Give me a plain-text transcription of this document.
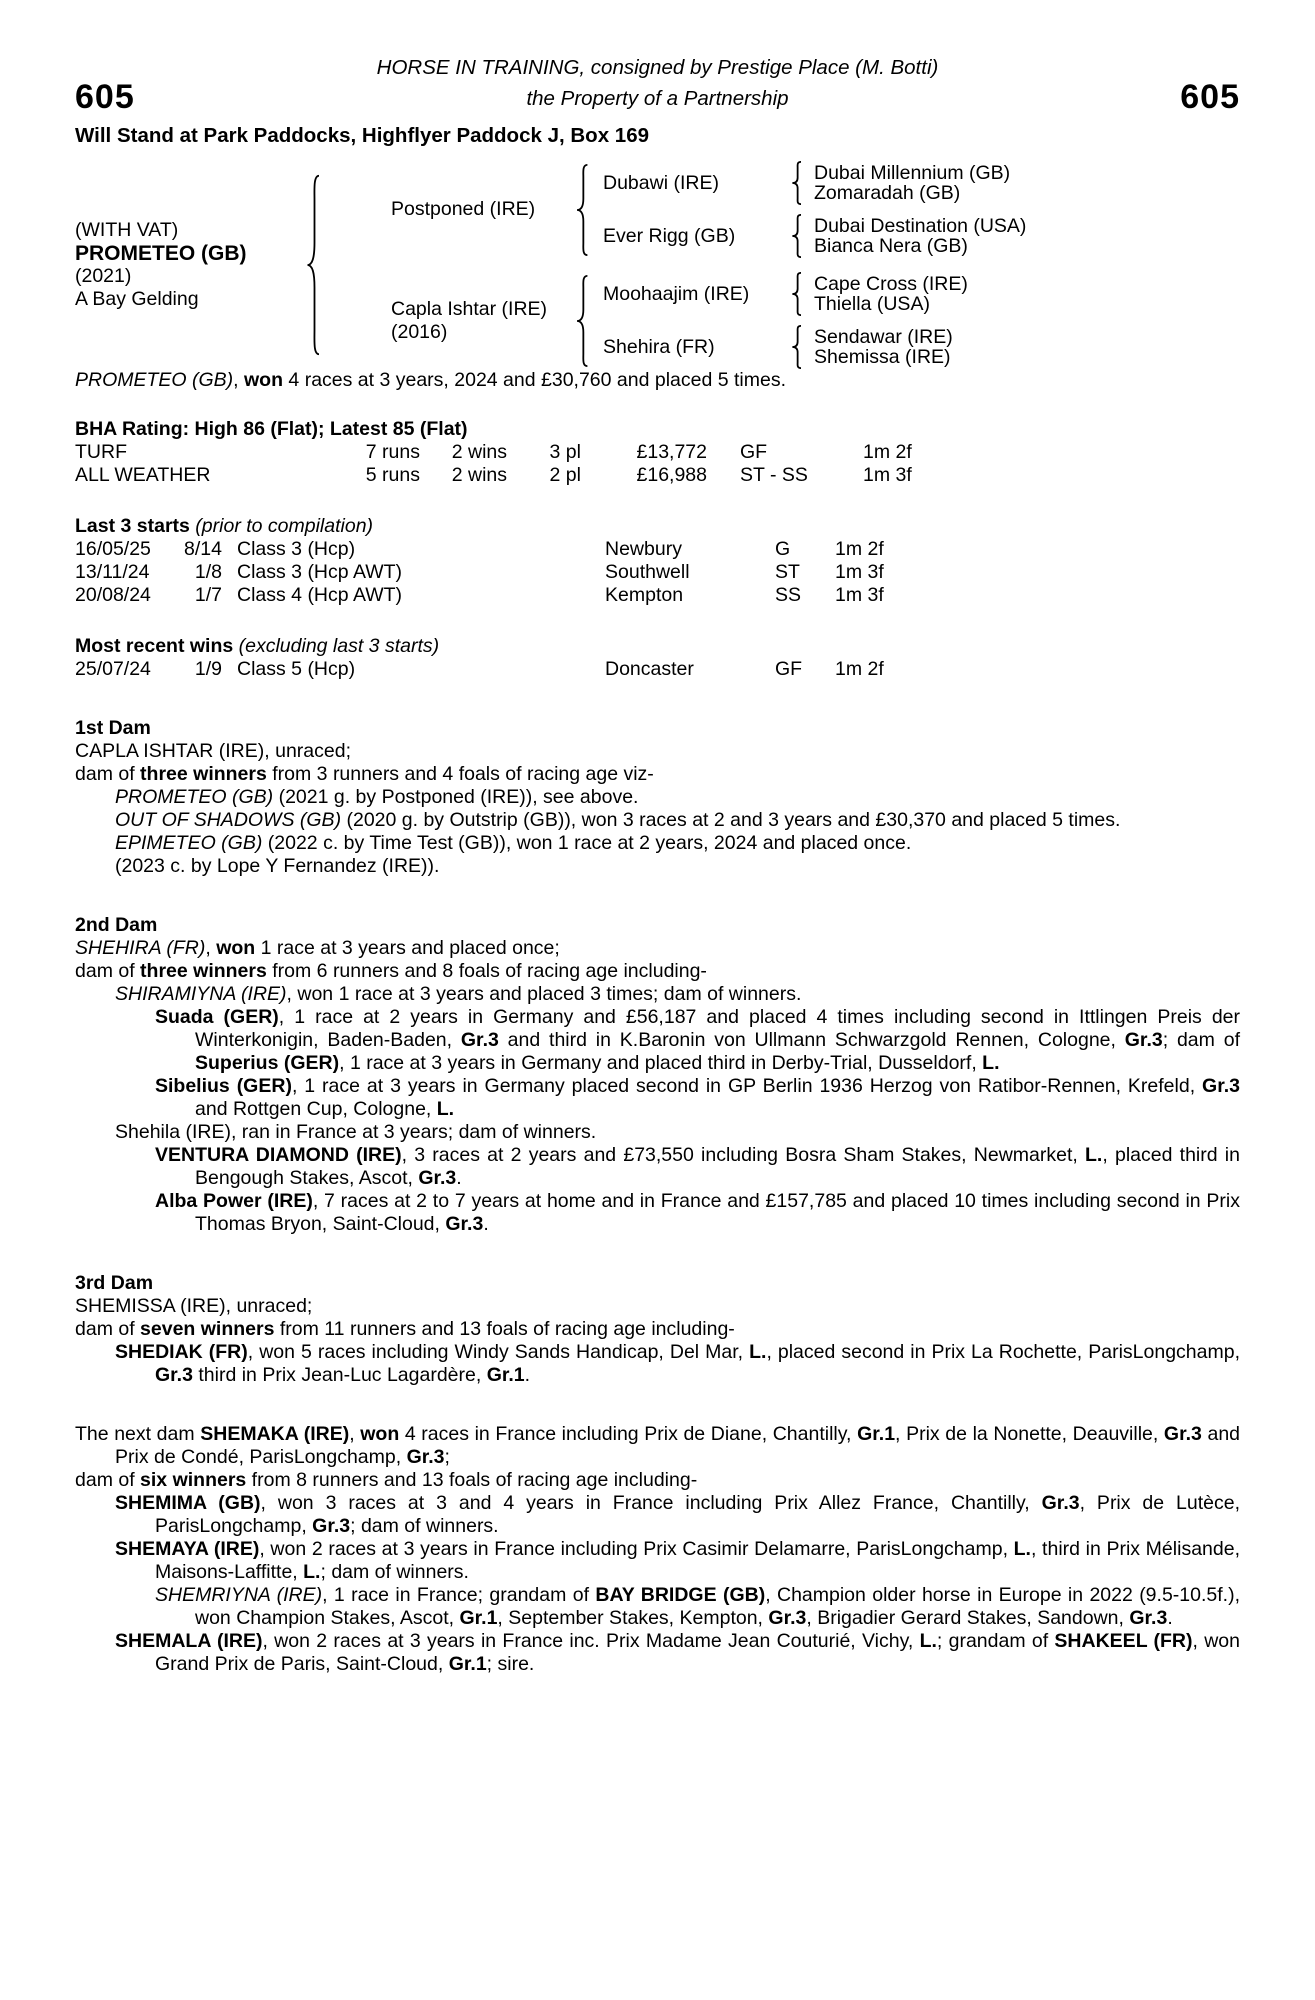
605
HORSE IN TRAINING, consigned by Prestige Place (M. Botti)
the Property of a Partnership	605
Will Stand at Park Paddocks, Highflyer Paddock J, Box 169
(WITH VAT)
PROMETEO (GB)
(2021)
A Bay Gelding
Postponed (IRE)
Dubawi (IRE)	Dubai Millennium (GB)
Zomaradah (GB)
Ever Rigg (GB)	Dubai Destination (USA)
Bianca Nera (GB)
Capla Ishtar (IRE)
(2016)
Moohaajim (IRE)	Cape Cross (IRE)
Thiella (USA)
Shehira (FR)	Sendawar (IRE)
Shemissa (IRE)
PROMETEO (GB), won 4 races at 3 years, 2024 and £30,760 and placed 5 times.
BHA Rating: High 86 (Flat); Latest 85 (Flat)
TURF	7 runs 2 wins 3 pl	£13,772 GF	1m 2f
ALL WEATHER	5 runs 2 wins 2 pl	£16,988 ST - SS	1m 3f
Last 3 starts (prior to compilation)
16/05/25 8/14 Class 3 (Hcp)	Newbury	G 1m 2f
13/11/24 1/8 Class 3 (Hcp AWT)	Southwell	ST 1m 3f
20/08/24 1/7 Class 4 (Hcp AWT)	Kempton	SS 1m 3f
Most recent wins (excluding last 3 starts)
25/07/24 1/9 Class 5 (Hcp)	Doncaster	GF 1m 2f
1st Dam
CAPLA ISHTAR (IRE), unraced;
dam of three winners from 3 runners and 4 foals of racing age viz-
PROMETEO (GB) (2021 g. by Postponed (IRE)), see above.
OUT OF SHADOWS (GB) (2020 g. by Outstrip (GB)), won 3 races at 2 and 3 years and £30,370 and placed 5 times.
EPIMETEO (GB) (2022 c. by Time Test (GB)), won 1 race at 2 years, 2024 and placed once.
(2023 c. by Lope Y Fernandez (IRE)).
2nd Dam
SHEHIRA (FR), won 1 race at 3 years and placed once;
dam of three winners from 6 runners and 8 foals of racing age including-
SHIRAMIYNA (IRE), won 1 race at 3 years and placed 3 times; dam of winners.
Suada (GER), 1 race at 2 years in Germany and £56,187 and placed 4 times including second in Ittlingen Preis der Winterkonigin, Baden-Baden, Gr.3 and third in K.Baronin von Ullmann Schwarzgold Rennen, Cologne, Gr.3; dam of Superius (GER), 1 race at 3 years in Germany and placed third in Derby-Trial, Dusseldorf, L.
Sibelius (GER), 1 race at 3 years in Germany placed second in GP Berlin 1936 Herzog von Ratibor-Rennen, Krefeld, Gr.3 and Rottgen Cup, Cologne, L.
Shehila (IRE), ran in France at 3 years; dam of winners.
VENTURA DIAMOND (IRE), 3 races at 2 years and £73,550 including Bosra Sham Stakes, Newmarket, L., placed third in Bengough Stakes, Ascot, Gr.3.
Alba Power (IRE), 7 races at 2 to 7 years at home and in France and £157,785 and placed 10 times including second in Prix Thomas Bryon, Saint-Cloud, Gr.3.
3rd Dam
SHEMISSA (IRE), unraced;
dam of seven winners from 11 runners and 13 foals of racing age including-
SHEDIAK (FR), won 5 races including Windy Sands Handicap, Del Mar, L., placed second in Prix La Rochette, ParisLongchamp, Gr.3 third in Prix Jean-Luc Lagardère, Gr.1.
The next dam SHEMAKA (IRE), won 4 races in France including Prix de Diane, Chantilly, Gr.1, Prix de la Nonette, Deauville, Gr.3 and Prix de Condé, ParisLongchamp, Gr.3;
dam of six winners from 8 runners and 13 foals of racing age including-
SHEMIMA (GB), won 3 races at 3 and 4 years in France including Prix Allez France, Chantilly, Gr.3, Prix de Lutèce, ParisLongchamp, Gr.3; dam of winners.
SHEMAYA (IRE), won 2 races at 3 years in France including Prix Casimir Delamarre, ParisLongchamp, L., third in Prix Mélisande, Maisons-Laffitte, L.; dam of winners.
SHEMRIYNA (IRE), 1 race in France; grandam of BAY BRIDGE (GB), Champion older horse in Europe in 2022 (9.5-10.5f.), won Champion Stakes, Ascot, Gr.1, September Stakes, Kempton, Gr.3, Brigadier Gerard Stakes, Sandown, Gr.3.
SHEMALA (IRE), won 2 races at 3 years in France inc. Prix Madame Jean Couturié, Vichy, L.; grandam of SHAKEEL (FR), won Grand Prix de Paris, Saint-Cloud, Gr.1; sire.
